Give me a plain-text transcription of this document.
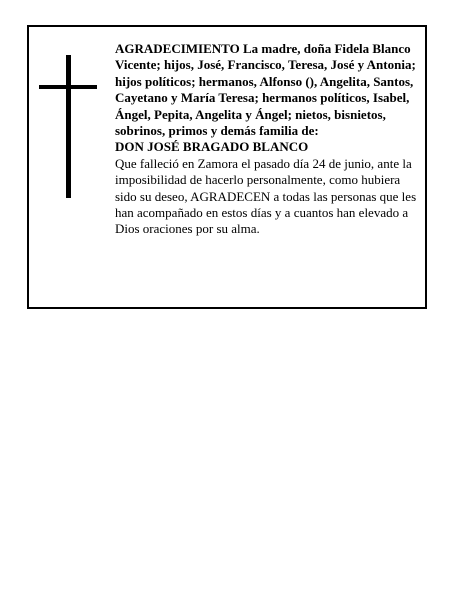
AGRADECIMIENTO La madre, doña Fidela Blanco Vicente; hijos, José, Francisco, Teresa, José y Antonia; hijos políticos; hermanos, Alfonso (), Angelita, Santos, Cayetano y María Teresa; hermanos políticos, Isabel, Ángel, Pepita, Angelita y Ángel; nietos, bisnietos, sobrinos, primos y demás familia de:

DON JOSÉ BRAGADO BLANCO

Que falleció en Zamora el pasado día 24 de junio, ante la imposibilidad de hacerlo personalmente, como hubiera sido su deseo, AGRADECEN a todas las personas que les han acompañado en estos días y a cuantos han elevado a Dios oraciones por su alma.
